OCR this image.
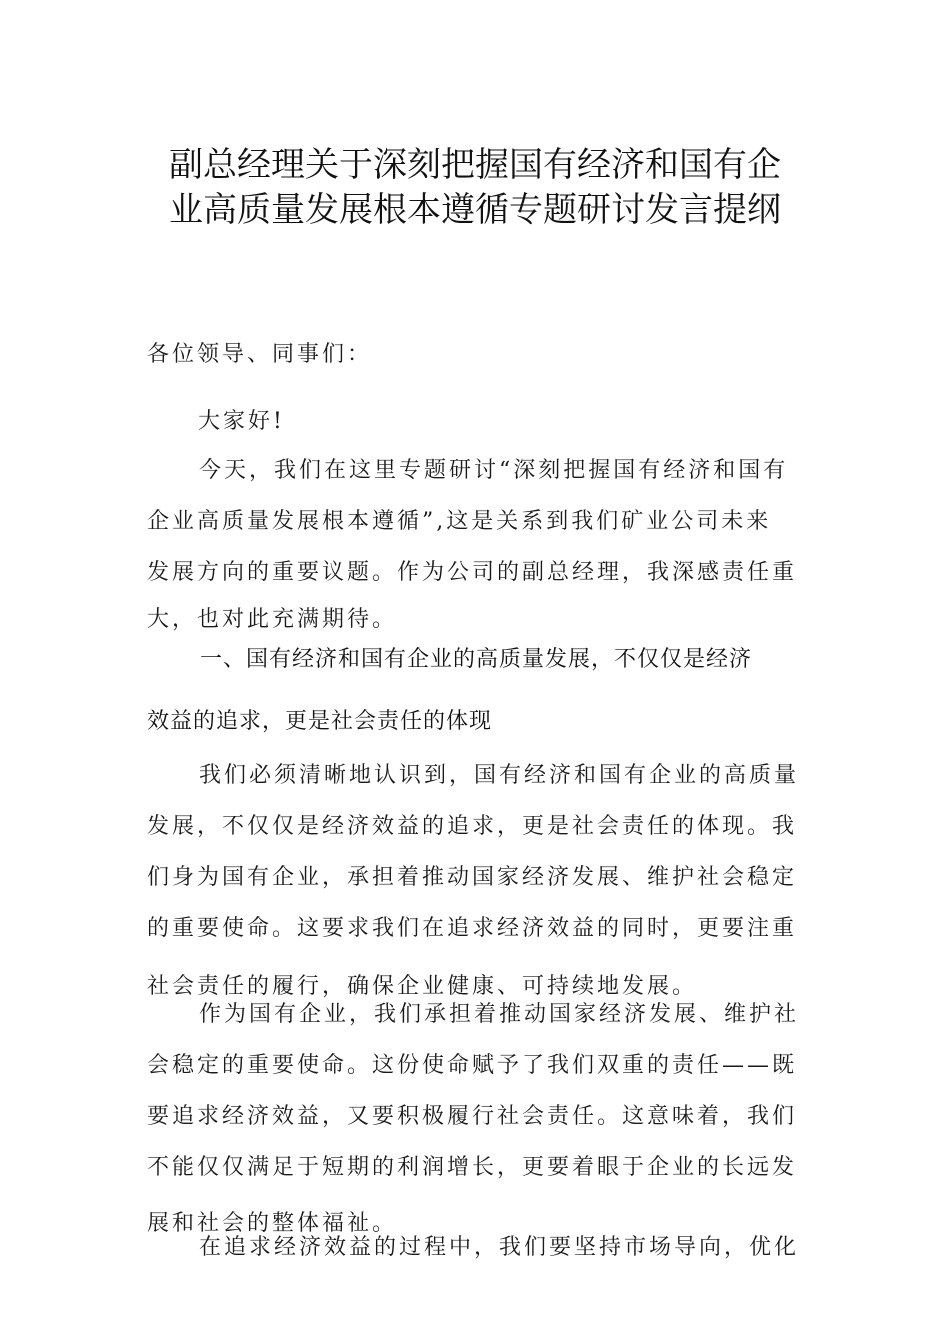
副总经理关于深刻把握国有经济和国有企
业高质量发展根本遵循专题研讨发言提纲
各位领导、同事们：
大家好!
今天，我们在这里专题研讨“深刻把握国有经济和国有
企业高质量发展根本遵循”,这是关系到我们矿业公司未来
发展方向的重要议题。作为公司的副总经理，我深感责任重
大，也对此充满期待。
一、国有经济和国有企业的高质量发展，不仅仅是经济
效益的追求，更是社会责任的体现
我们必须清晰地认识到，国有经济和国有企业的高质量
发展，不仅仅是经济效益的追求，更是社会责任的体现。我
们身为国有企业，承担着推动国家经济发展、维护社会稳定
的重要使命。这要求我们在追求经济效益的同时，更要注重
社会责任的履行，确保企业健康、可持续地发展。
作为国有企业，我们承担着推动国家经济发展、维护社
会稳定的重要使命。这份使命赋予了我们双重的责任——既
要追求经济效益，又要积极履行社会责任。这意味着，我们
不能仅仅满足于短期的利润增长，更要着眼于企业的长远发
展和社会的整体福祉。
在追求经济效益的过程中，我们要坚持市场导向，优化
